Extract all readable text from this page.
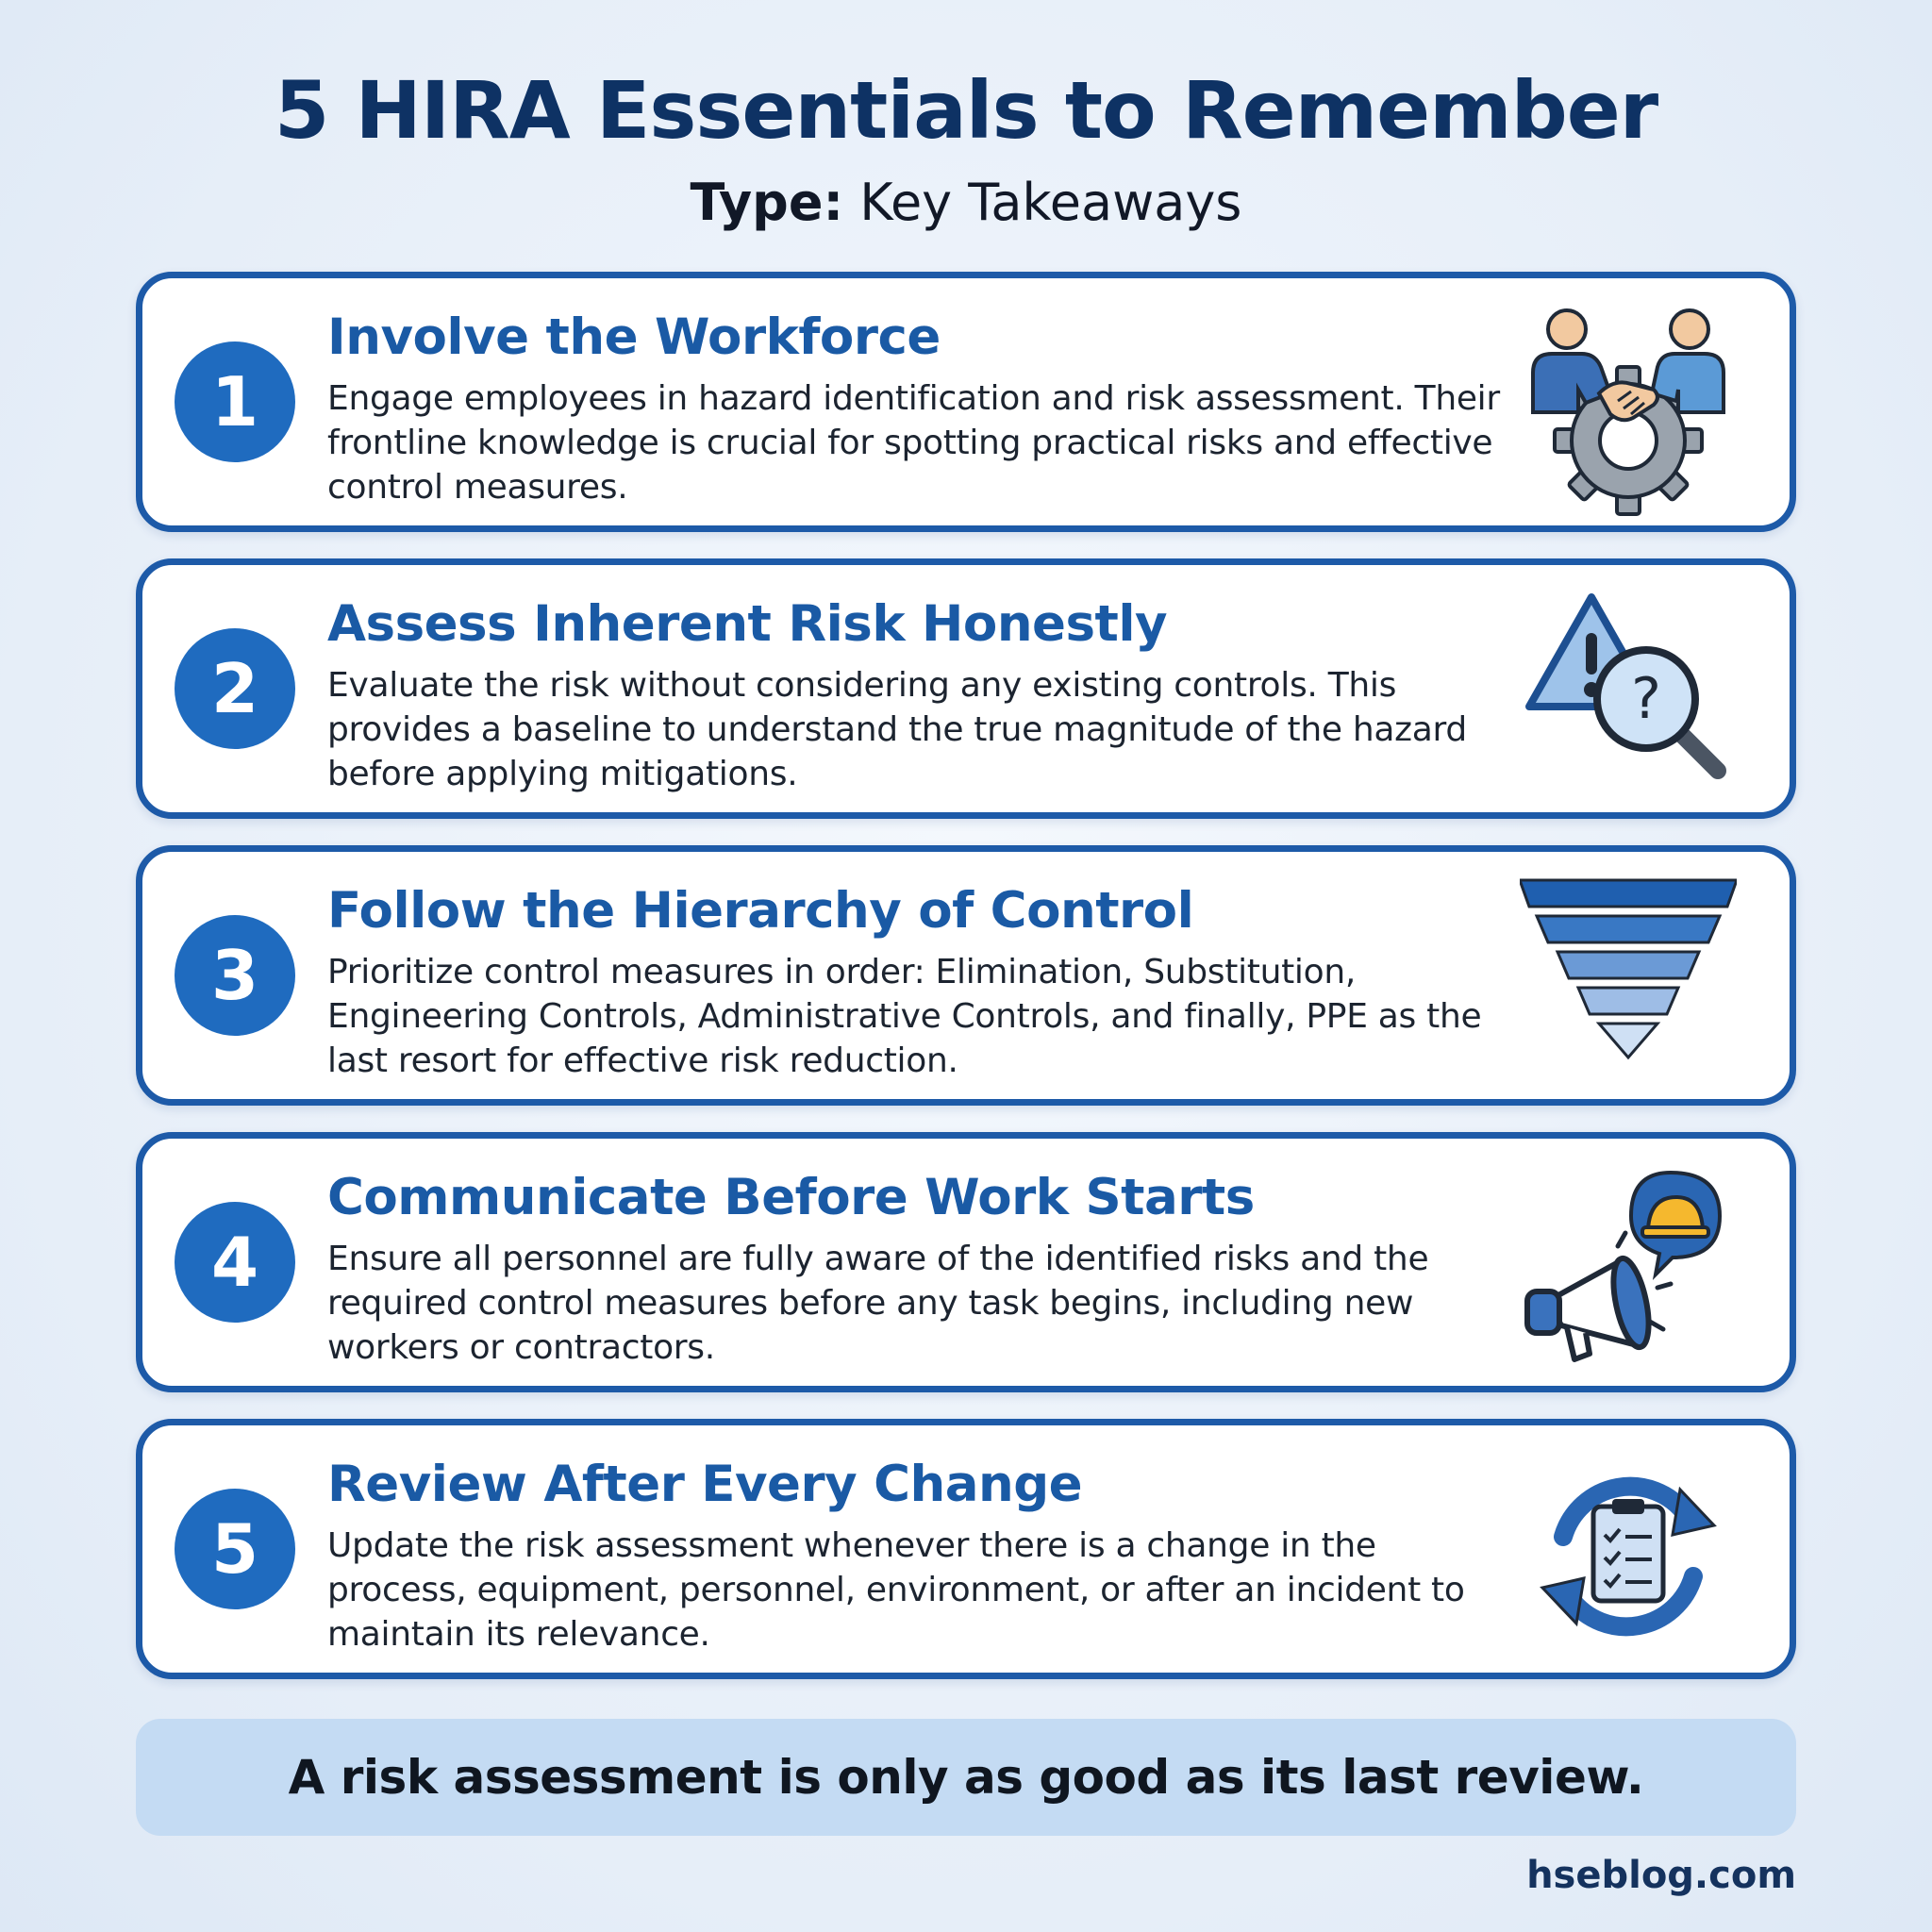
5 HIRA Essentials to Remember
Type: Key Takeaways
1
Involve the Workforce
Engage employees in hazard identification and risk assessment. Their frontline knowledge is crucial for spotting practical risks and effective control measures.
2
Assess Inherent Risk Honestly
Evaluate the risk without considering any existing controls. This provides a baseline to understand the true magnitude of the hazard before applying mitigations.
?
3
Follow the Hierarchy of Control
Prioritize control measures in order: Elimination, Substitution, Engineering Controls, Administrative Controls, and finally, PPE as the last resort for effective risk reduction.
4
Communicate Before Work Starts
Ensure all personnel are fully aware of the identified risks and the required control measures before any task begins, including new workers or contractors.
5
Review After Every Change
Update the risk assessment whenever there is a change in the process, equipment, personnel, environment, or after an incident to maintain its relevance.
A risk assessment is only as good as its last review.
hseblog.com
